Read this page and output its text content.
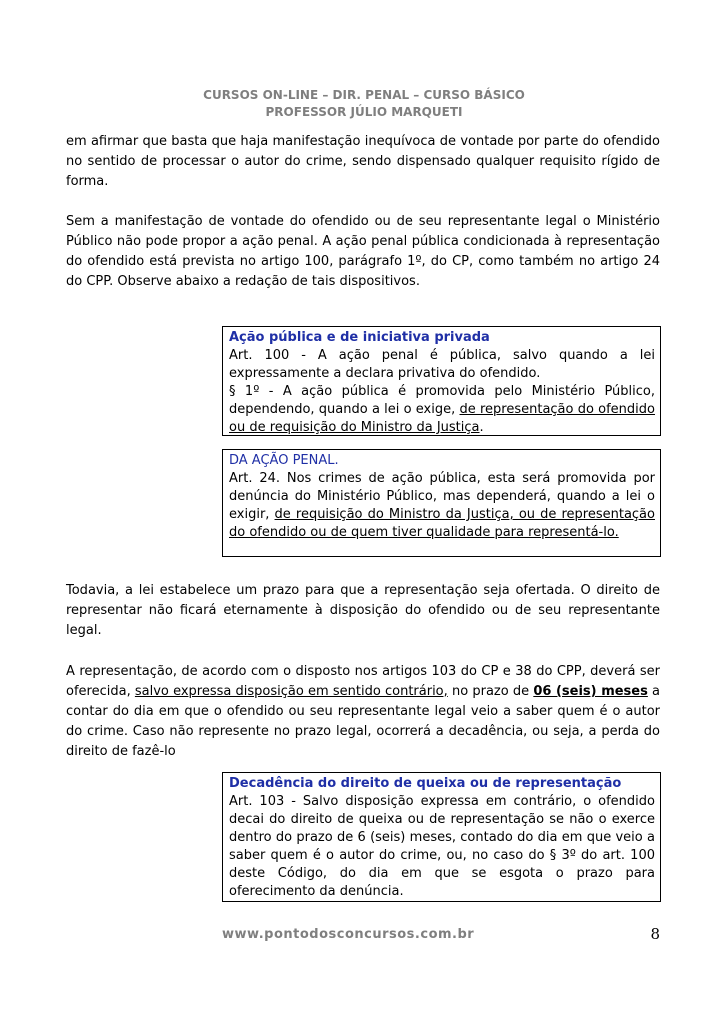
CURSOS ON-LINE – DIR. PENAL – CURSO BÁSICO
PROFESSOR JÚLIO MARQUETI

em afirmar que basta que haja manifestação inequívoca de vontade por parte do ofendido no sentido de processar o autor do crime, sendo dispensado qualquer requisito rígido de forma.

Sem a manifestação de vontade do ofendido ou de seu representante legal o Ministério Público não pode propor a ação penal. A ação penal pública condicionada à representação do ofendido está prevista no artigo 100, parágrafo 1º, do CP, como também no artigo 24 do CPP. Observe abaixo a redação de tais dispositivos.

Ação pública e de iniciativa privada

Art. 100 - A ação penal é pública, salvo quando a lei expressamente a declara privativa do ofendido.

§ 1º - A ação pública é promovida pelo Ministério Público, dependendo, quando a lei o exige, de representação do ofendido ou de requisição do Ministro da Justiça.

DA AÇÃO PENAL.

Art. 24. Nos crimes de ação pública, esta será promovida por denúncia do Ministério Público, mas dependerá, quando a lei o exigir, de requisição do Ministro da Justiça, ou de representação do ofendido ou de quem tiver qualidade para representá-lo.

Todavia, a lei estabelece um prazo para que a representação seja ofertada. O direito de representar não ficará eternamente à disposição do ofendido ou de seu representante legal.

A representação, de acordo com o disposto nos artigos 103 do CP e 38 do CPP, deverá ser oferecida, salvo expressa disposição em sentido contrário, no prazo de 06 (seis) meses a contar do dia em que o ofendido ou seu representante legal veio a saber quem é o autor do crime. Caso não represente no prazo legal, ocorrerá a decadência, ou seja, a perda do direito de fazê-lo

Decadência do direito de queixa ou de representação

Art. 103 - Salvo disposição expressa em contrário, o ofendido decai do direito de queixa ou de representação se não o exerce dentro do prazo de 6 (seis) meses, contado do dia em que veio a saber quem é o autor do crime, ou, no caso do § 3º do art. 100 deste Código, do dia em que se esgota o prazo para oferecimento da denúncia.

www.pontodosconcursos.com.br	8
